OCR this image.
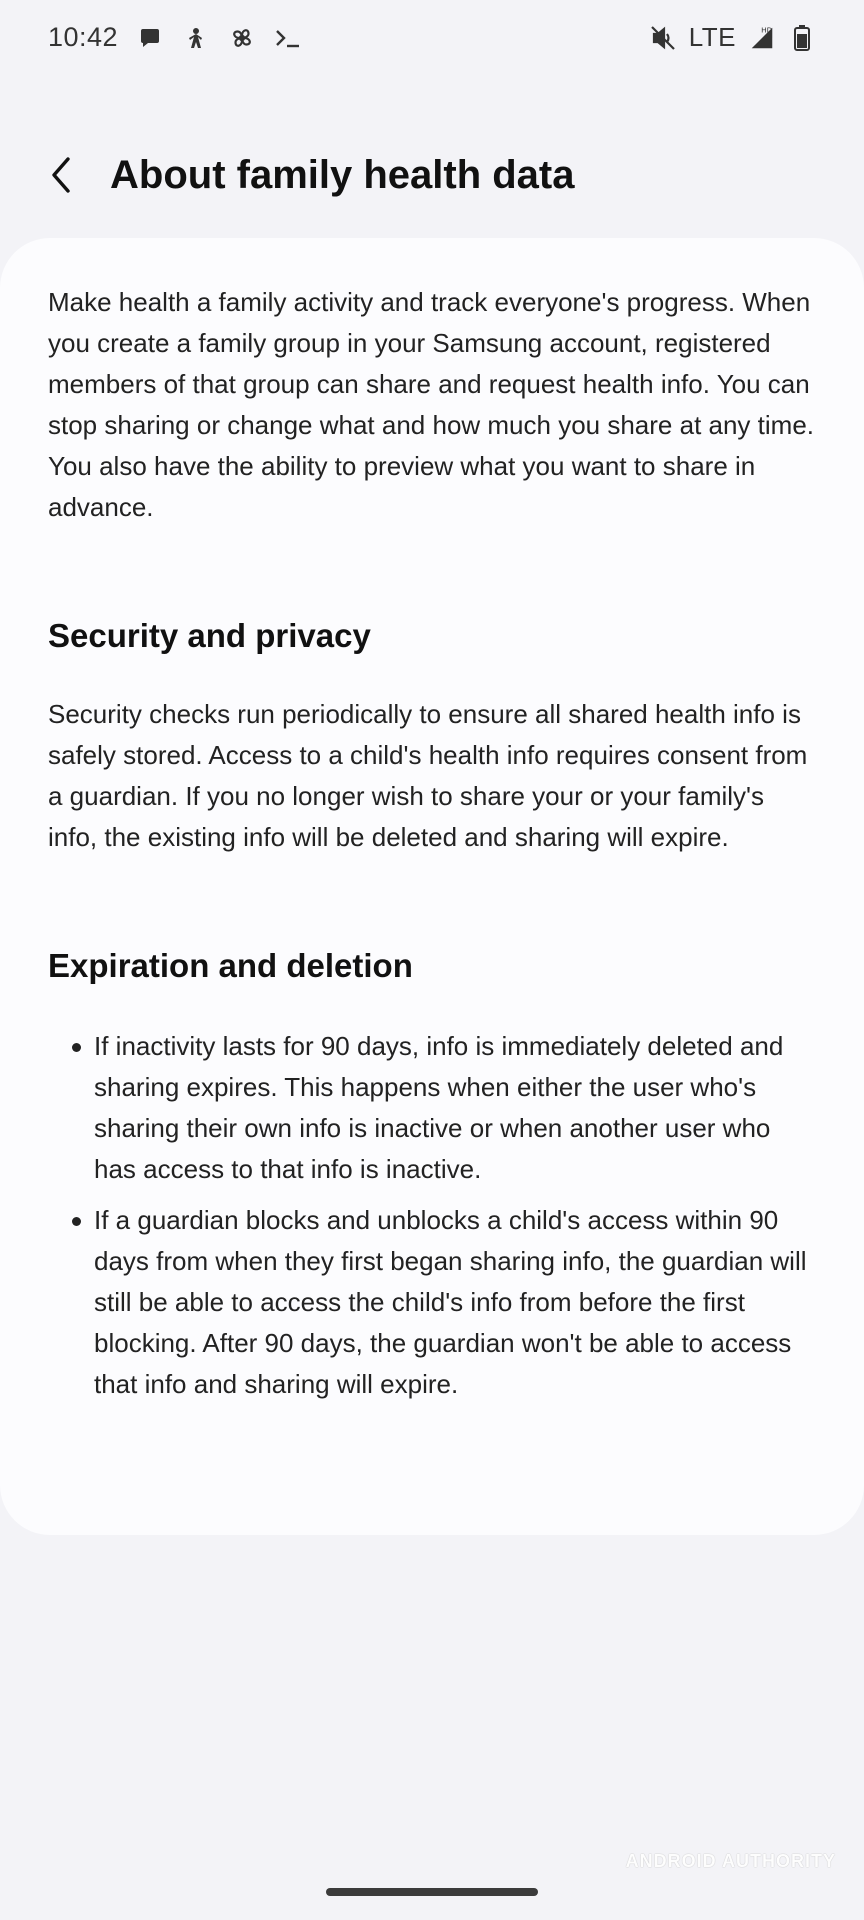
10:42	LTE	HD
About family health data

Make health a family activity and track everyone's progress. When you create a family group in your Samsung account, registered members of that group can share and request health info. You can stop sharing or change what and how much you share at any time. You also have the ability to preview what you want to share in advance.

Security and privacy

Security checks run periodically to ensure all shared health info is safely stored. Access to a child's health info requires consent from a guardian. If you no longer wish to share your or your family's info, the existing info will be deleted and sharing will expire.

Expiration and deletion
If inactivity lasts for 90 days, info is immediately deleted and sharing expires. This happens when either the user who's sharing their own info is inactive or when another user who has access to that info is inactive.
If a guardian blocks and unblocks a child's access within 90 days from when they first began sharing info, the guardian will still be able to access the child's info from before the first blocking. After 90 days, the guardian won't be able to access that info and sharing will expire.
ANDROID AUTHORITY
